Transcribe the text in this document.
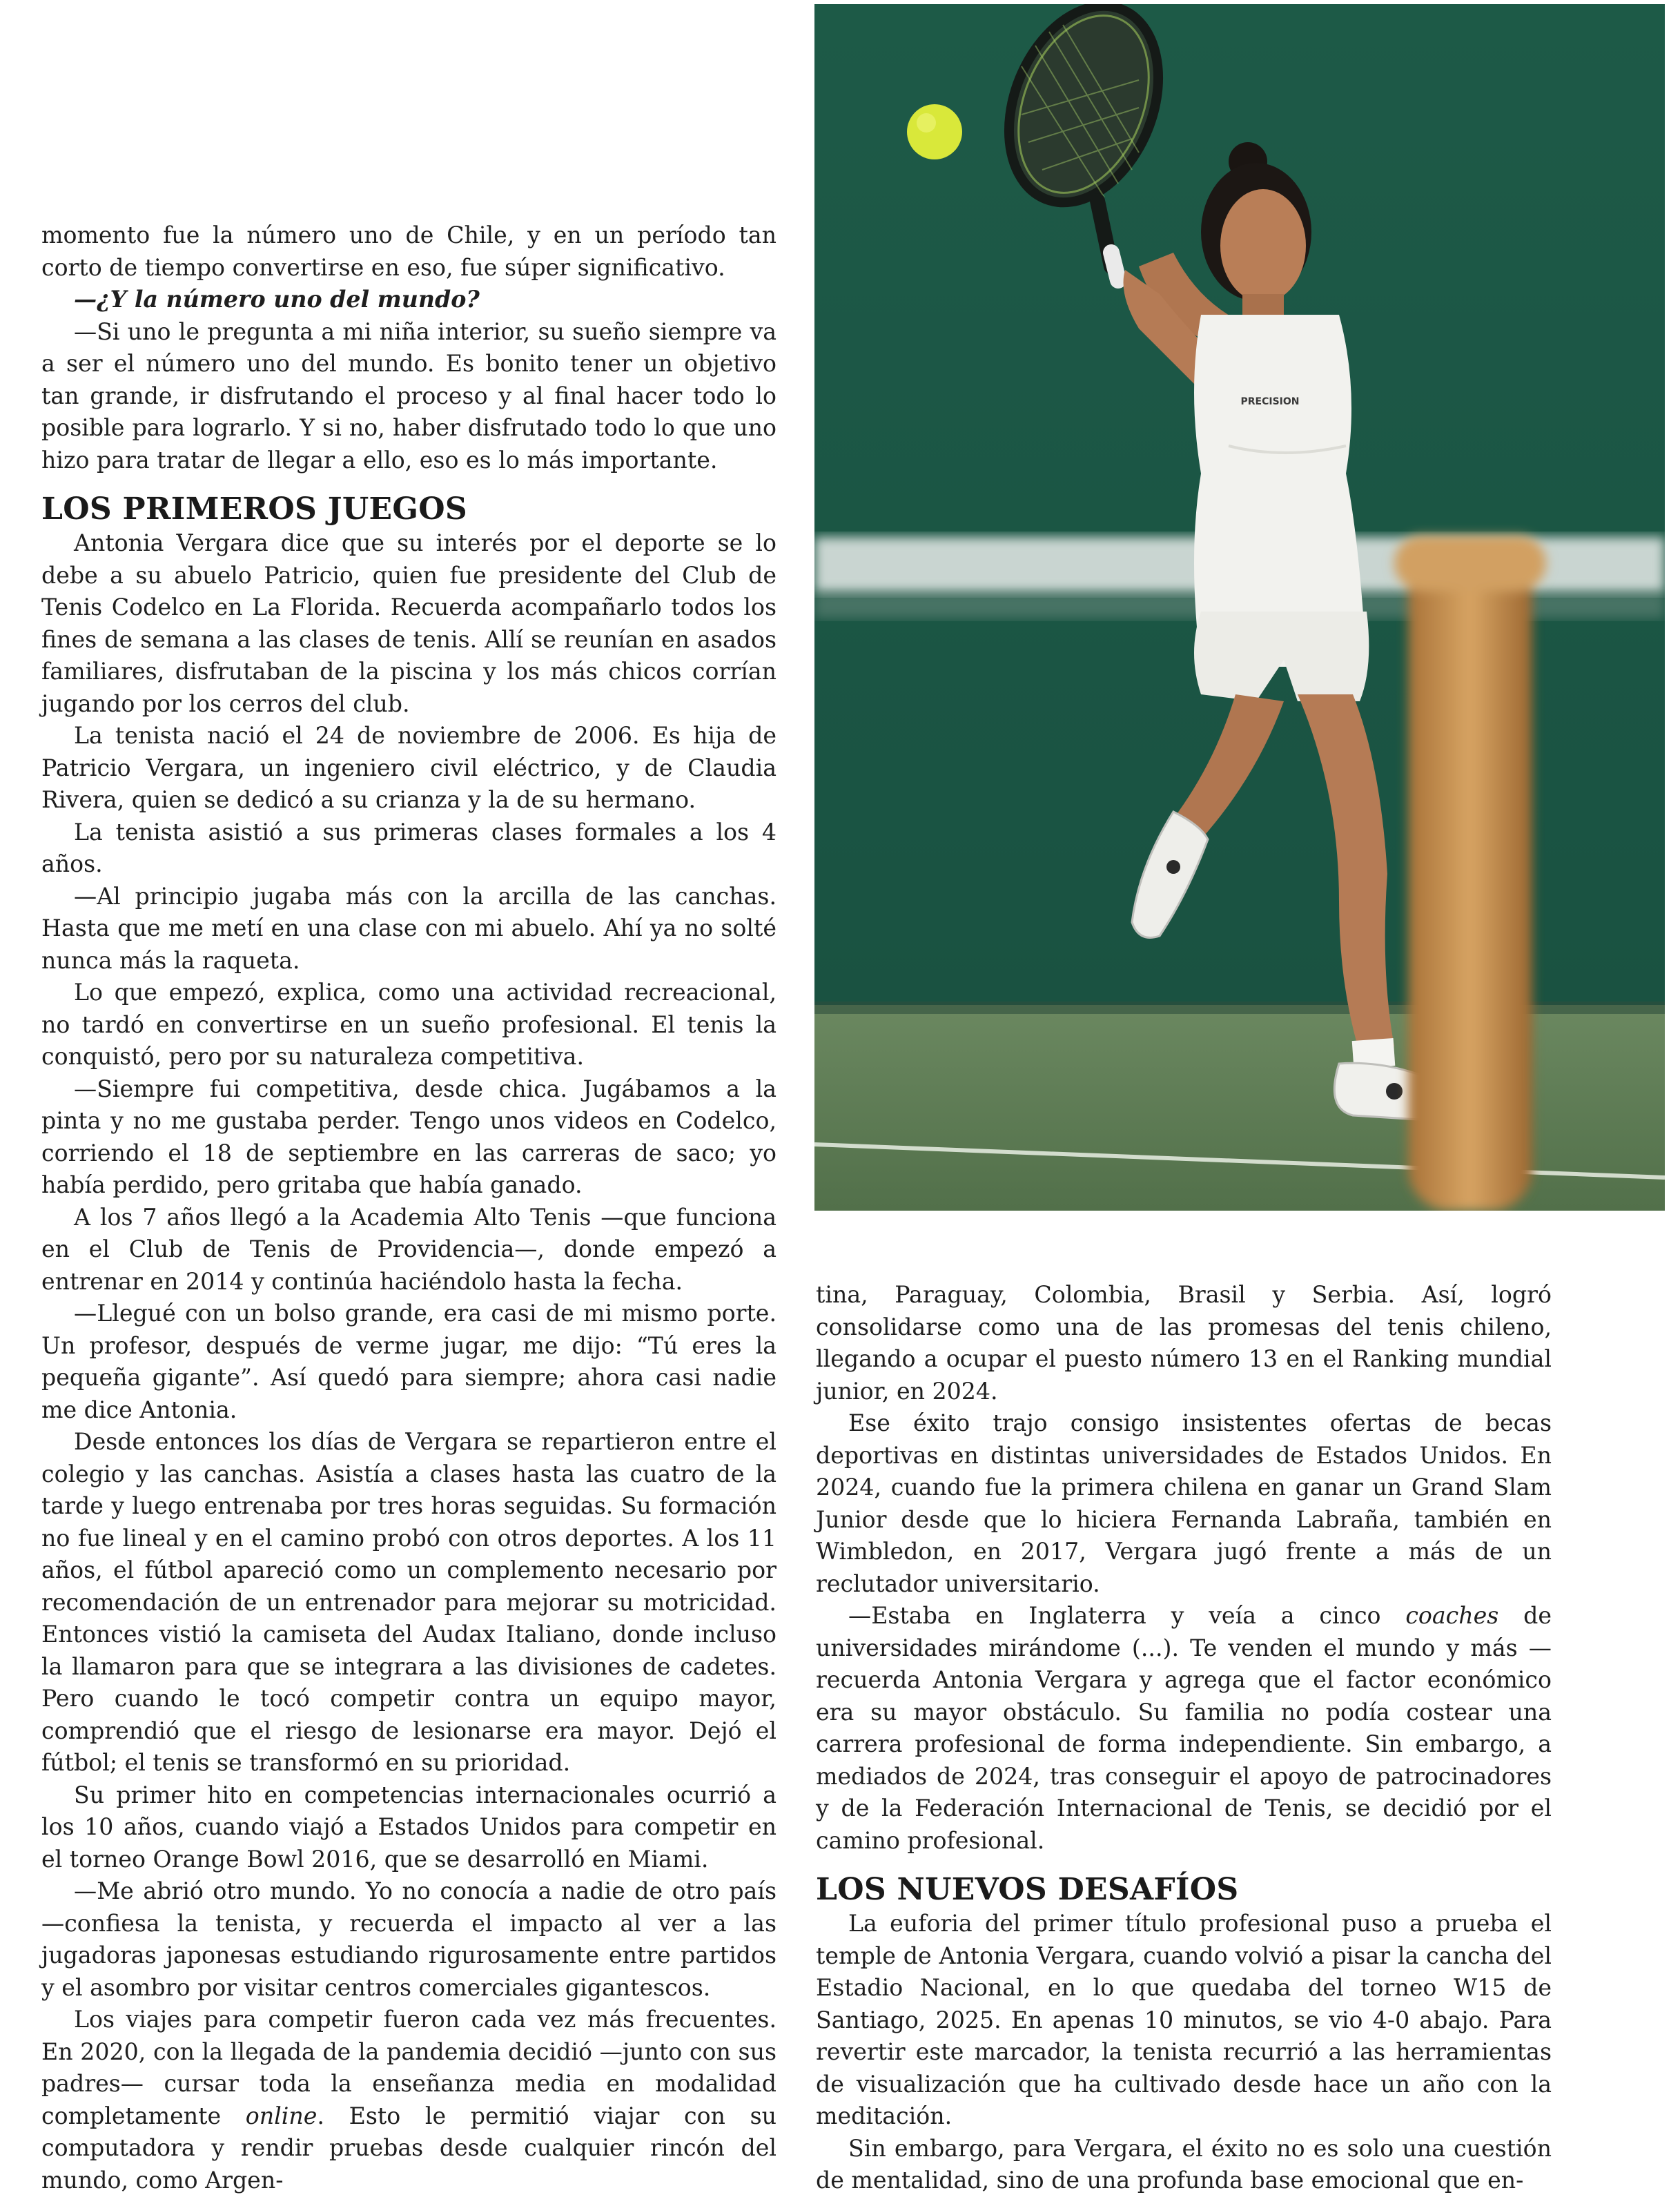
PRECISION

momento fue la número uno de Chile, y en un período tan corto de tiempo convertirse en eso, fue súper significativo.

—¿Y la número uno del mundo?

—Si uno le pregunta a mi niña interior, su sueño siempre va a ser el número uno del mundo. Es bonito tener un objetivo tan grande, ir disfrutando el proceso y al final hacer todo lo posible para lograrlo. Y si no, haber disfrutado todo lo que uno hizo para tratar de llegar a ello, eso es lo más importante.

LOS PRIMEROS JUEGOS

Antonia Vergara dice que su interés por el deporte se lo debe a su abuelo Patricio, quien fue presidente del Club de Tenis Codelco en La Florida. Recuerda acompañarlo todos los fines de semana a las clases de tenis. Allí se reunían en asados familiares, disfrutaban de la piscina y los más chicos corrían jugando por los cerros del club.

La tenista nació el 24 de noviembre de 2006. Es hija de Patricio Vergara, un ingeniero civil eléctrico, y de Claudia Rivera, quien se dedicó a su crianza y la de su hermano.

La tenista asistió a sus primeras clases formales a los 4 años.

—Al principio jugaba más con la arcilla de las canchas. Hasta que me metí en una clase con mi abuelo. Ahí ya no solté nunca más la raqueta.

Lo que empezó, explica, como una actividad recreacional, no tardó en convertirse en un sueño profesional. El tenis la conquistó, pero por su naturaleza competitiva.

—Siempre fui competitiva, desde chica. Jugábamos a la pinta y no me gustaba perder. Tengo unos videos en Codelco, corriendo el 18 de septiembre en las carreras de saco; yo había perdido, pero gritaba que había ganado.

A los 7 años llegó a la Academia Alto Tenis —que funciona en el Club de Tenis de Providencia—, donde empezó a entrenar en 2014 y continúa haciéndolo hasta la fecha.

—Llegué con un bolso grande, era casi de mi mismo porte. Un profesor, después de verme jugar, me dijo: “Tú eres la pequeña gigante”. Así quedó para siempre; ahora casi nadie me dice Antonia.

Desde entonces los días de Vergara se repartieron entre el colegio y las canchas. Asistía a clases hasta las cuatro de la tarde y luego entrenaba por tres horas seguidas. Su formación no fue lineal y en el camino probó con otros deportes. A los 11 años, el fútbol apareció como un complemento necesario por recomendación de un entrenador para mejorar su motricidad. Entonces vistió la camiseta del Audax Italiano, donde incluso la llamaron para que se integrara a las divisiones de cadetes. Pero cuando le tocó competir contra un equipo mayor, comprendió que el riesgo de lesionarse era mayor. Dejó el fútbol; el tenis se transformó en su prioridad.

Su primer hito en competencias internacionales ocurrió a los 10 años, cuando viajó a Estados Unidos para competir en el torneo Orange Bowl 2016, que se desarrolló en Miami.

—Me abrió otro mundo. Yo no conocía a nadie de otro país —confiesa la tenista, y recuerda el impacto al ver a las jugadoras japonesas estudiando rigurosamente entre partidos y el asombro por visitar centros comerciales gigantescos.

Los viajes para competir fueron cada vez más frecuentes. En 2020, con la llegada de la pandemia decidió —junto con sus padres— cursar toda la enseñanza media en modalidad completamente online. Esto le permitió viajar con su computadora y rendir pruebas desde cualquier rincón del mundo, como Argen-

tina, Paraguay, Colombia, Brasil y Serbia. Así, logró consolidarse como una de las promesas del tenis chileno, llegando a ocupar el puesto número 13 en el Ranking mundial junior, en 2024.

Ese éxito trajo consigo insistentes ofertas de becas deportivas en distintas universidades de Estados Unidos. En 2024, cuando fue la primera chilena en ganar un Grand Slam Junior desde que lo hiciera Fernanda Labraña, también en Wimbledon, en 2017, Vergara jugó frente a más de un reclutador universitario.

—Estaba en Inglaterra y veía a cinco coaches de universidades mirándome (...). Te venden el mundo y más —recuerda Antonia Vergara y agrega que el factor económico era su mayor obstáculo. Su familia no podía costear una carrera profesional de forma independiente. Sin embargo, a mediados de 2024, tras conseguir el apoyo de patrocinadores y de la Federación Internacional de Tenis, se decidió por el camino profesional.

LOS NUEVOS DESAFÍOS

La euforia del primer título profesional puso a prueba el temple de Antonia Vergara, cuando volvió a pisar la cancha del Estadio Nacional, en lo que quedaba del torneo W15 de Santiago, 2025. En apenas 10 minutos, se vio 4-0 abajo. Para revertir este marcador, la tenista recurrió a las herramientas de visualización que ha cultivado desde hace un año con la meditación.

Sin embargo, para Vergara, el éxito no es solo una cuestión de mentalidad, sino de una profunda base emocional que en-
